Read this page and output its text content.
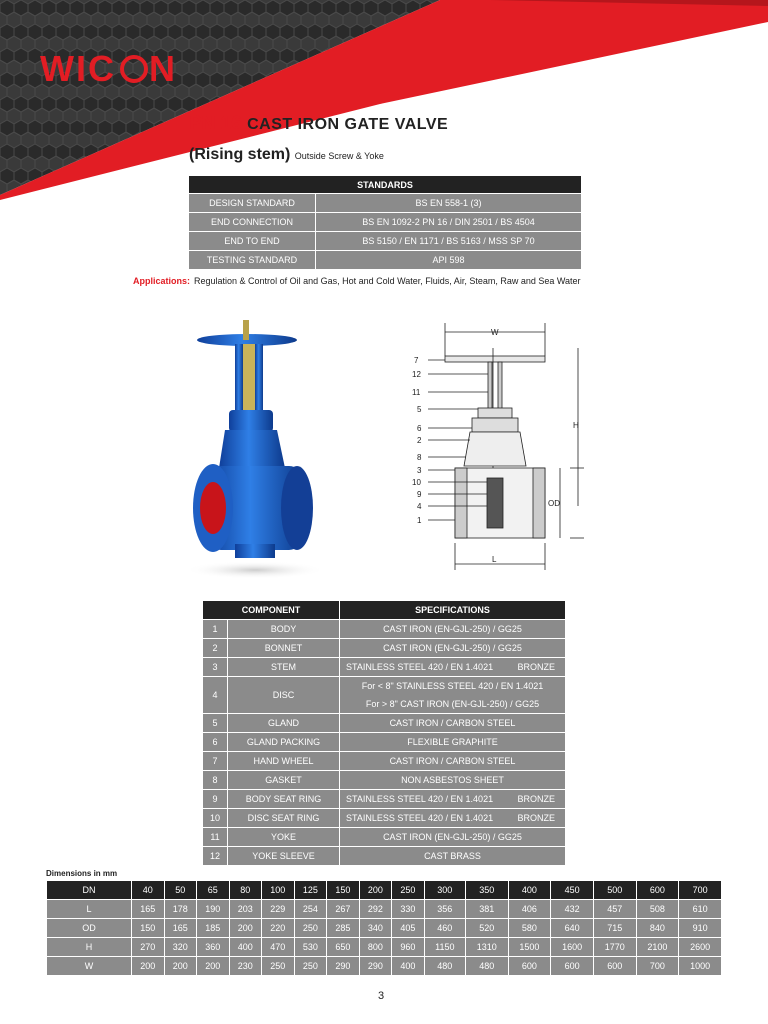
WIC N
PN 16 CAST IRON GATE VALVE
(Rising stem) Outside Screw & Yoke
STANDARDS	
DESIGN STANDARD	BS EN 558-1 (3)
END CONNECTION	BS EN 1092-2 PN 16 / DIN 2501 / BS 4504
END TO END	BS 5150 / EN 1171 / BS 5163 / MSS SP 70
TESTING STANDARD	API 598
Applications: Regulation & Control of Oil and Gas, Hot and Cold Water, Fluids, Air, Steam, Raw and Sea Water
W
H
OD
L
7
12
11
5
6
2
8
3
10
9
4
1
COMPONENT		SPECIFICATIONS
1	BODY	CAST IRON (EN-GJL-250) / GG25
2	BONNET	CAST IRON (EN-GJL-250) / GG25
3	STEM	STAINLESS STEEL 420 / EN 1.4021 BRONZE

4	DISC	For < 8" STAINLESS STEEL 420 / EN 1.4021
For > 8" CAST IRON (EN-GJL-250) / GG25

5	GLAND	CAST IRON / CARBON STEEL
6	GLAND PACKING	FLEXIBLE GRAPHITE
7	HAND WHEEL	CAST IRON / CARBON STEEL
8	GASKET	NON ASBESTOS SHEET
9	BODY SEAT RING	STAINLESS STEEL 420 / EN 1.4021 BRONZE

10	DISC SEAT RING	STAINLESS STEEL 420 / EN 1.4021 BRONZE

11	YOKE	CAST IRON (EN-GJL-250) / GG25
12	YOKE SLEEVE	CAST BRASS
Dimensions in mm
DN	40	50	65	80	100	125	150	200	250	300	350	400	450	500	600	700
L	165	178	190	203	229	254	267	292	330	356	381	406	432	457	508	610
OD	150	165	185	200	220	250	285	340	405	460	520	580	640	715	840	910
H	270	320	360	400	470	530	650	800	960	1150	1310	1500	1600	1770	2100	2600
W	200	200	200	230	250	250	290	290	400	480	480	600	600	600	700	1000
3
